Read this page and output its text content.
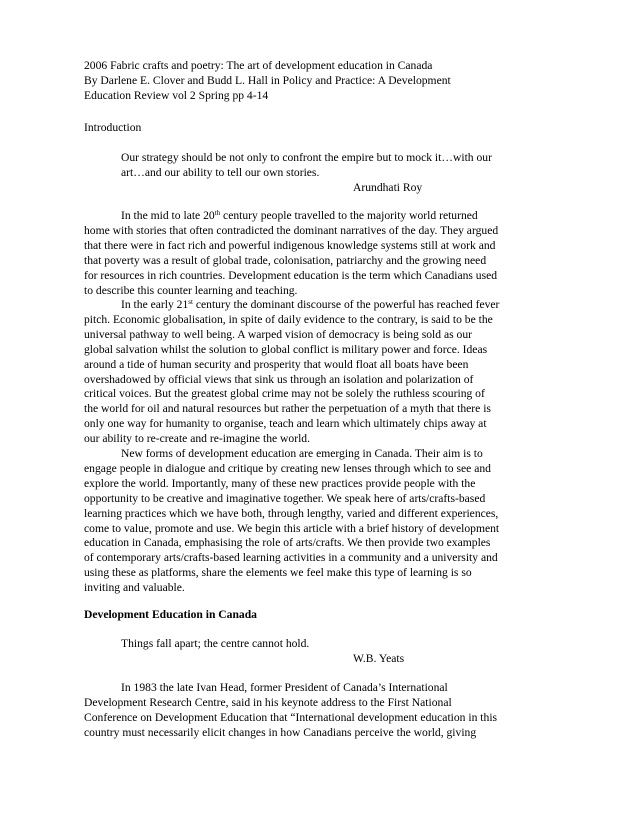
2006 Fabric crafts and poetry: The art of development education in Canada
By Darlene E. Clover and Budd L. Hall in Policy and Practice: A Development
Education Review vol 2 Spring pp 4-14
Introduction
Our strategy should be not only to confront the empire but to mock it…with our
art…and our ability to tell our own stories.
Arundhati Roy
In the mid to late 20th century people travelled to the majority world returned
home with stories that often contradicted the dominant narratives of the day. They argued
that there were in fact rich and powerful indigenous knowledge systems still at work and
that poverty was a result of global trade, colonisation, patriarchy and the growing need
for resources in rich countries. Development education is the term which Canadians used
to describe this counter learning and teaching.
In the early 21st century the dominant discourse of the powerful has reached fever
pitch. Economic globalisation, in spite of daily evidence to the contrary, is said to be the
universal pathway to well being. A warped vision of democracy is being sold as our
global salvation whilst the solution to global conflict is military power and force. Ideas
around a tide of human security and prosperity that would float all boats have been
overshadowed by official views that sink us through an isolation and polarization of
critical voices. But the greatest global crime may not be solely the ruthless scouring of
the world for oil and natural resources but rather the perpetuation of a myth that there is
only one way for humanity to organise, teach and learn which ultimately chips away at
our ability to re-create and re-imagine the world.
New forms of development education are emerging in Canada. Their aim is to
engage people in dialogue and critique by creating new lenses through which to see and
explore the world. Importantly, many of these new practices provide people with the
opportunity to be creative and imaginative together. We speak here of arts/crafts-based
learning practices which we have both, through lengthy, varied and different experiences,
come to value, promote and use. We begin this article with a brief history of development
education in Canada, emphasising the role of arts/crafts. We then provide two examples
of contemporary arts/crafts-based learning activities in a community and a university and
using these as platforms, share the elements we feel make this type of learning is so
inviting and valuable.
Development Education in Canada
Things fall apart; the centre cannot hold.
W.B. Yeats
In 1983 the late Ivan Head, former President of Canada’s International
Development Research Centre, said in his keynote address to the First National
Conference on Development Education that “International development education in this
country must necessarily elicit changes in how Canadians perceive the world, giving
